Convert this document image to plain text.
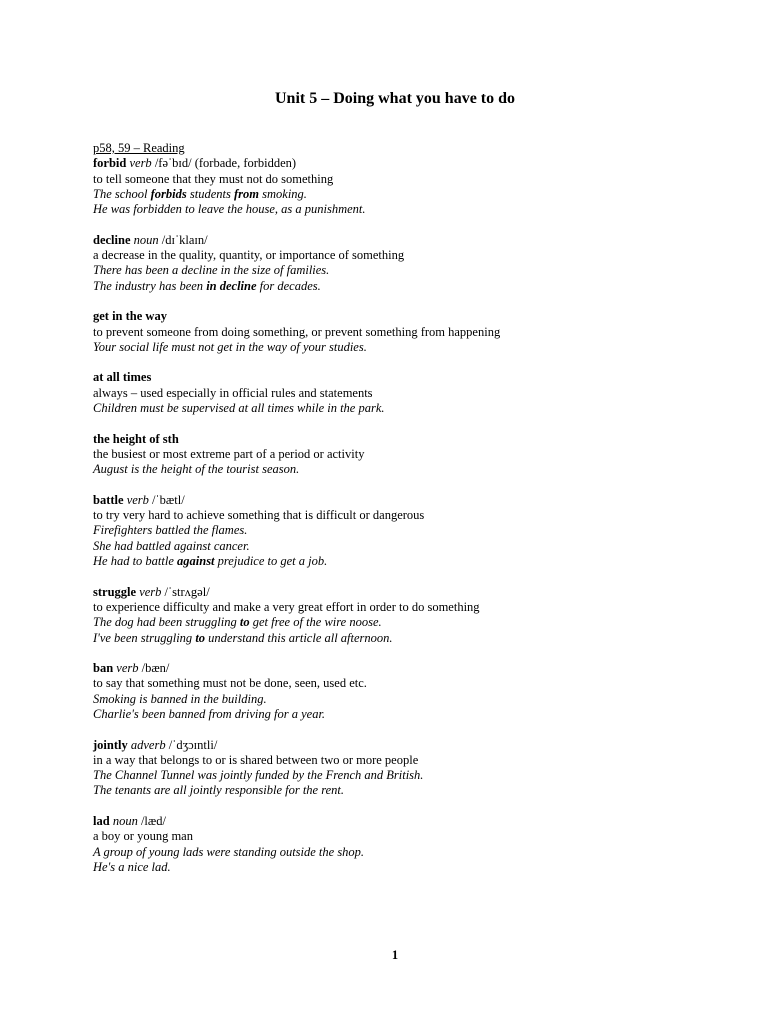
Unit 5 – Doing what you have to do
p58, 59 – Reading
forbid verb /fəˈbɪd/ (forbade, forbidden)
to tell someone that they must not do something
The school forbids students from smoking.
He was forbidden to leave the house, as a punishment.
decline noun /dɪˈklaɪn/
a decrease in the quality, quantity, or importance of something
There has been a decline in the size of families.
The industry has been in decline for decades.
get in the way
to prevent someone from doing something, or prevent something from happening
Your social life must not get in the way of your studies.
at all times
always – used especially in official rules and statements
Children must be supervised at all times while in the park.
the height of sth
the busiest or most extreme part of a period or activity
August is the height of the tourist season.
battle verb /ˈbætl/
to try very hard to achieve something that is difficult or dangerous
Firefighters battled the flames.
She had battled against cancer.
He had to battle against prejudice to get a job.
struggle verb /ˈstrʌgəl/
to experience difficulty and make a very great effort in order to do something
The dog had been struggling to get free of the wire noose.
I've been struggling to understand this article all afternoon.
ban verb /bæn/
to say that something must not be done, seen, used etc.
Smoking is banned in the building.
Charlie's been banned from driving for a year.
jointly adverb /ˈdʒɔɪntli/
in a way that belongs to or is shared between two or more people
The Channel Tunnel was jointly funded by the French and British.
The tenants are all jointly responsible for the rent.
lad noun /læd/
a boy or young man
A group of young lads were standing outside the shop.
He's a nice lad.
1
